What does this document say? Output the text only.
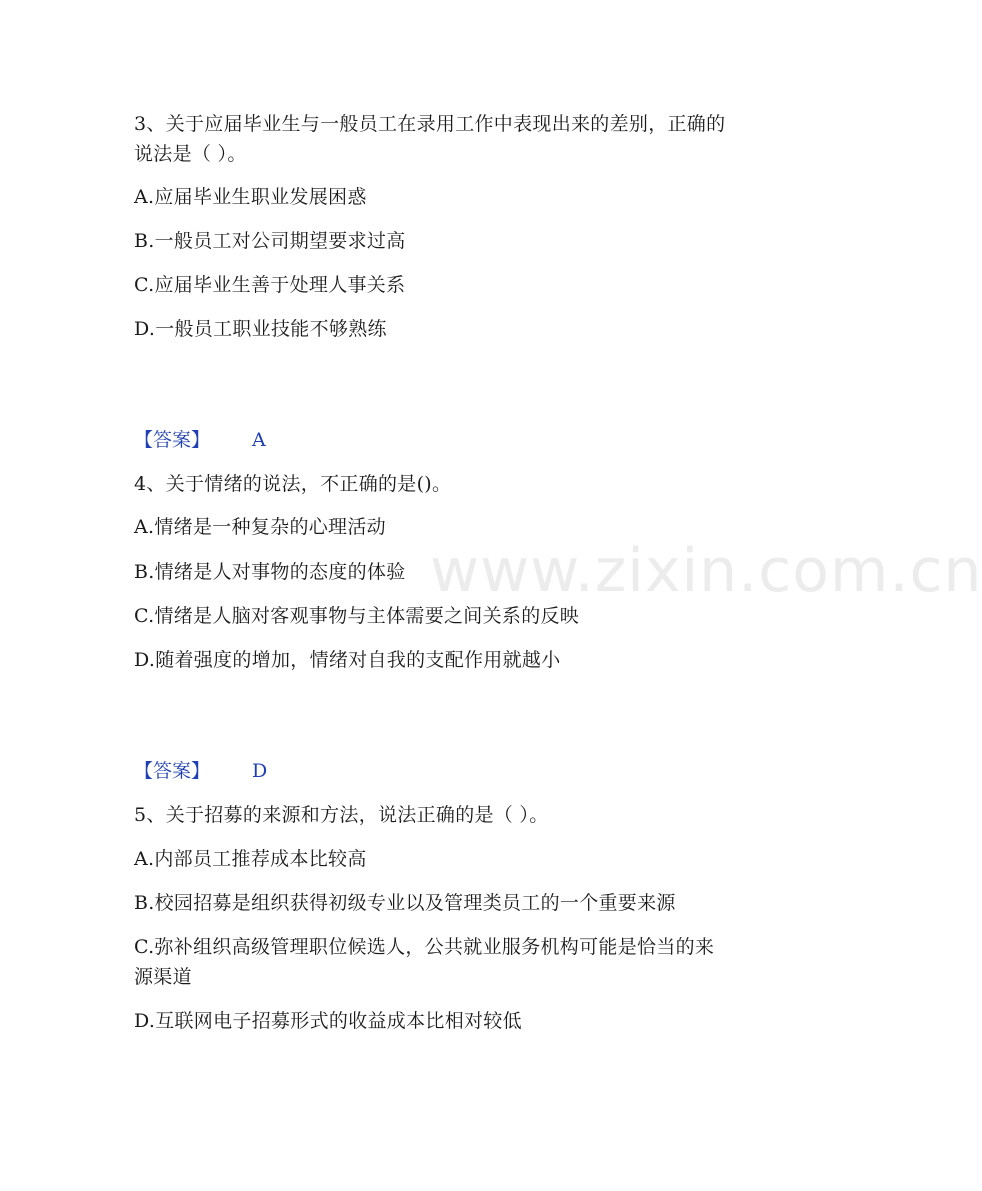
www.zixin.com.cn
3、关于应届毕业生与一般员工在录用工作中表现出来的差别，正确的
说法是（ ）。
A.应届毕业生职业发展困惑
B.一般员工对公司期望要求过高
C.应届毕业生善于处理人事关系
D.一般员工职业技能不够熟练
【答案】 A
4、关于情绪的说法，不正确的是()。
A.情绪是一种复杂的心理活动
B.情绪是人对事物的态度的体验
C.情绪是人脑对客观事物与主体需要之间关系的反映
D.随着强度的增加，情绪对自我的支配作用就越小
【答案】 D
5、关于招募的来源和方法，说法正确的是（ ）。
A.内部员工推荐成本比较高
B.校园招募是组织获得初级专业以及管理类员工的一个重要来源
C.弥补组织高级管理职位候选人，公共就业服务机构可能是恰当的来
源渠道
D.互联网电子招募形式的收益成本比相对较低
